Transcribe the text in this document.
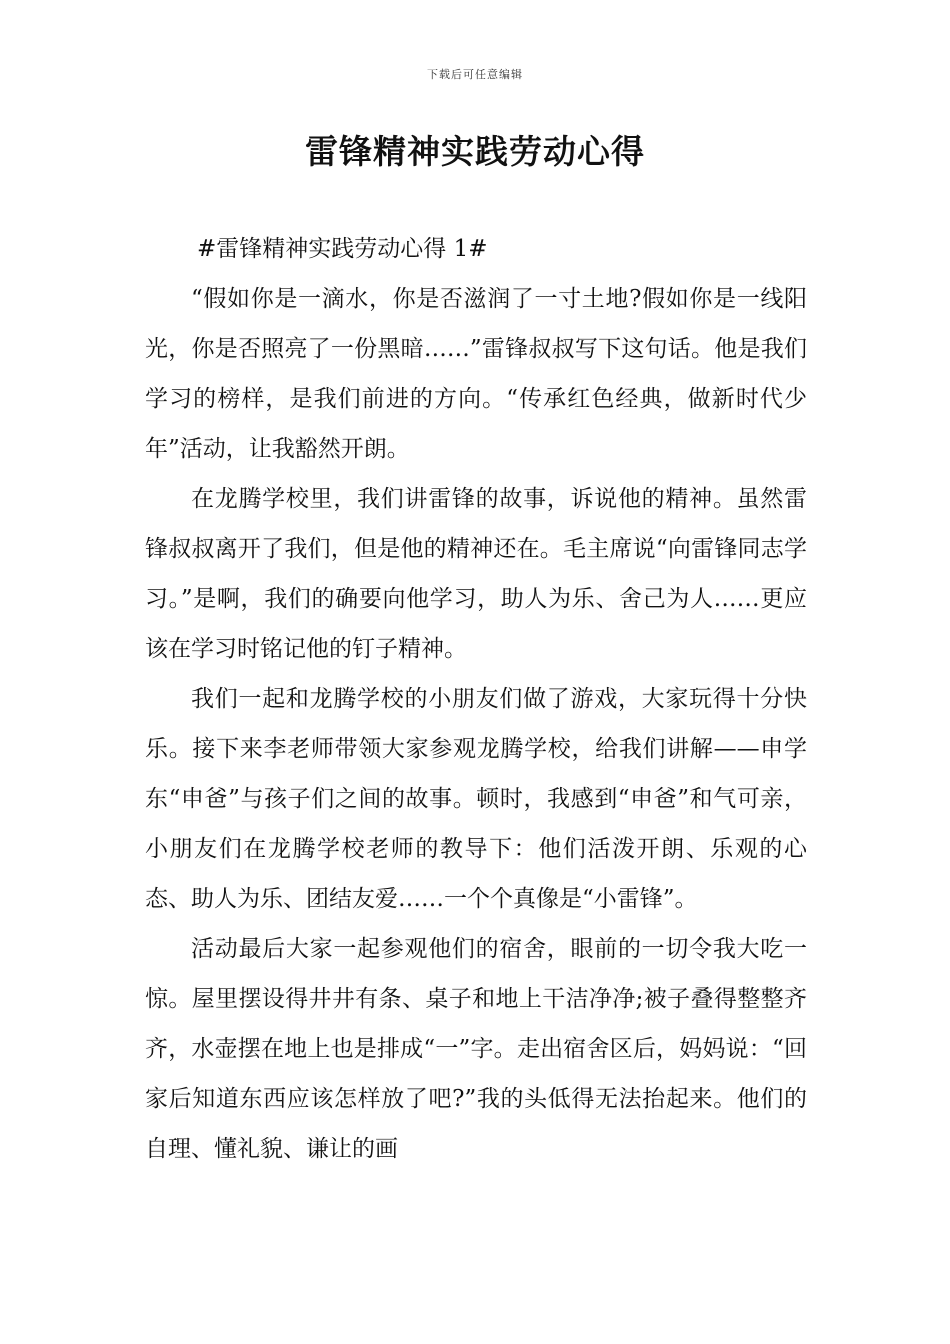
下载后可任意编辑
雷锋精神实践劳动心得

#雷锋精神实践劳动心得 1#

“假如你是一滴水，你是否滋润了一寸土地?假如你是一线阳光，你是否照亮了一份黑暗……”雷锋叔叔写下这句话。他是我们学习的榜样，是我们前进的方向。“传承红色经典，做新时代少年”活动，让我豁然开朗。

在龙腾学校里，我们讲雷锋的故事，诉说他的精神。虽然雷锋叔叔离开了我们，但是他的精神还在。毛主席说“向雷锋同志学习。”是啊，我们的确要向他学习，助人为乐、舍己为人……更应该在学习时铭记他的钉子精神。

我们一起和龙腾学校的小朋友们做了游戏，大家玩得十分快乐。接下来李老师带领大家参观龙腾学校，给我们讲解——申学东“申爸”与孩子们之间的故事。顿时，我感到“申爸”和气可亲，小朋友们在龙腾学校老师的教导下：他们活泼开朗、乐观的心态、助人为乐、团结友爱……一个个真像是“小雷锋”。

活动最后大家一起参观他们的宿舍，眼前的一切令我大吃一惊。屋里摆设得井井有条、桌子和地上干洁净净;被子叠得整整齐齐，水壶摆在地上也是排成“一”字。走出宿舍区后，妈妈说：“回家后知道东西应该怎样放了吧?”我的头低得无法抬起来。他们的自理、懂礼貌、谦让的画
